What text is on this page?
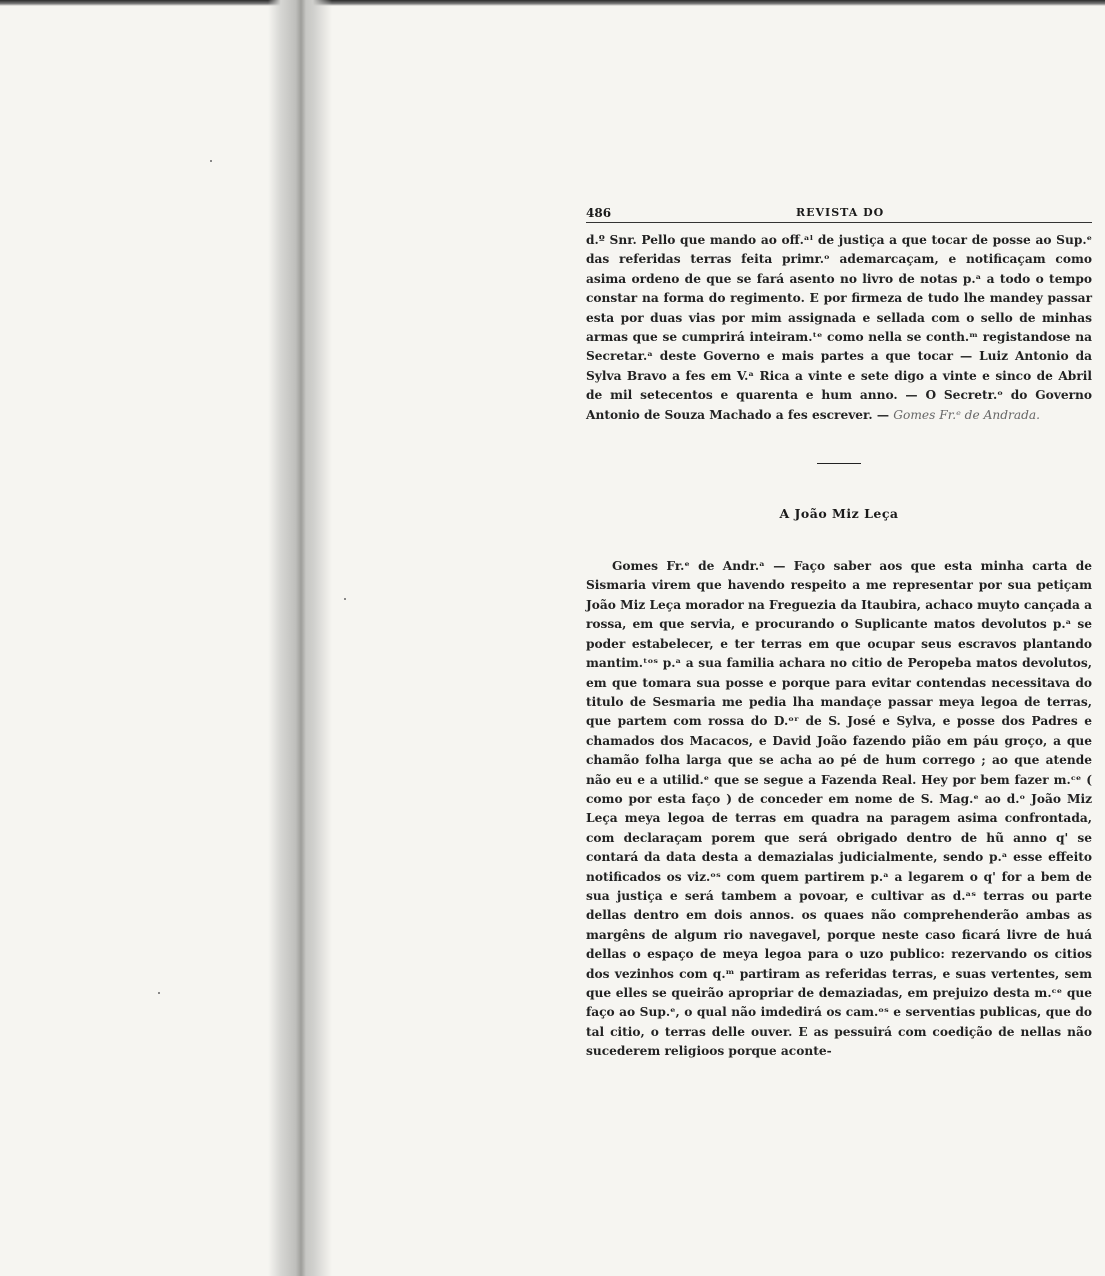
486	REVISTA DO

d.º Snr. Pello que mando ao off.ᵃˡ de justiça a que tocar de posse ao Sup.ᵉ das referidas terras feita primr.ᵒ ademarcaçam, e notificaçam como asima ordeno de que se fará asento no livro de notas p.ᵃ a todo o tempo constar na forma do regimento. E por firmeza de tudo lhe mandey passar esta por duas vias por mim assignada e sellada com o sello de minhas armas que se cumprirá inteiram.ᵗᵉ como nella se conth.ᵐ registandose na Secretar.ᵃ deste Governo e mais partes a que tocar — Luiz Antonio da Sylva Bravo a fes em V.ᵃ Rica a vinte e sete digo a vinte e sinco de Abril de mil setecentos e quarenta e hum anno. — O Secretr.ᵒ do Governo Antonio de Souza Machado a fes escrever. — Gomes Fr.ᵉ de Andrada.

A João Miz Leça

Gomes Fr.ᵉ de Andr.ᵃ — Faço saber aos que esta minha carta de Sismaria virem que havendo respeito a me representar por sua petiçam João Miz Leça morador na Freguezia da Itaubira, achaco muyto cançada a rossa, em que servia, e procurando o Suplicante matos devolutos p.ᵃ se poder estabelecer, e ter terras em que ocupar seus escravos plantando mantim.ᵗᵒˢ p.ᵃ a sua familia achara no citio de Peropeba matos devolutos, em que tomara sua posse e porque para evitar contendas necessitava do titulo de Sesmaria me pedia lha mandaçe passar meya legoa de terras, que partem com rossa do D.ᵒʳ de S. José e Sylva, e posse dos Padres e chamados dos Macacos, e David João fazendo pião em páu groço, a que chamão folha larga que se acha ao pé de hum corrego ; ao que atende não eu e a utilid.ᵉ que se segue a Fazenda Real. Hey por bem fazer m.ᶜᵉ ( como por esta faço ) de conceder em nome de S. Mag.ᵉ ao d.ᵒ João Miz Leça meya legoa de terras em quadra na paragem asima confrontada, com declaraçam porem que será obrigado dentro de hũ anno q' se contará da data desta a demazialas judicialmente, sendo p.ᵃ esse effeito notificados os viz.ᵒˢ com quem partirem p.ᵃ a legarem o q' for a bem de sua justiça e será tambem a povoar, e cultivar as d.ᵃˢ terras ou parte dellas dentro em dois annos. os quaes não comprehenderão ambas as margêns de algum rio navegavel, porque neste caso ficará livre de huá dellas o espaço de meya legoa para o uzo publico: rezervando os citios dos vezinhos com q.ᵐ partiram as referidas terras, e suas vertentes, sem que elles se queirão apropriar de demaziadas, em prejuizo desta m.ᶜᵉ que faço ao Sup.ᵉ, o qual não imdedirá os cam.ᵒˢ e serventias publicas, que do tal citio, o terras delle ouver. E as pessuirá com coedição de nellas não sucederem religioos porque aconte-
